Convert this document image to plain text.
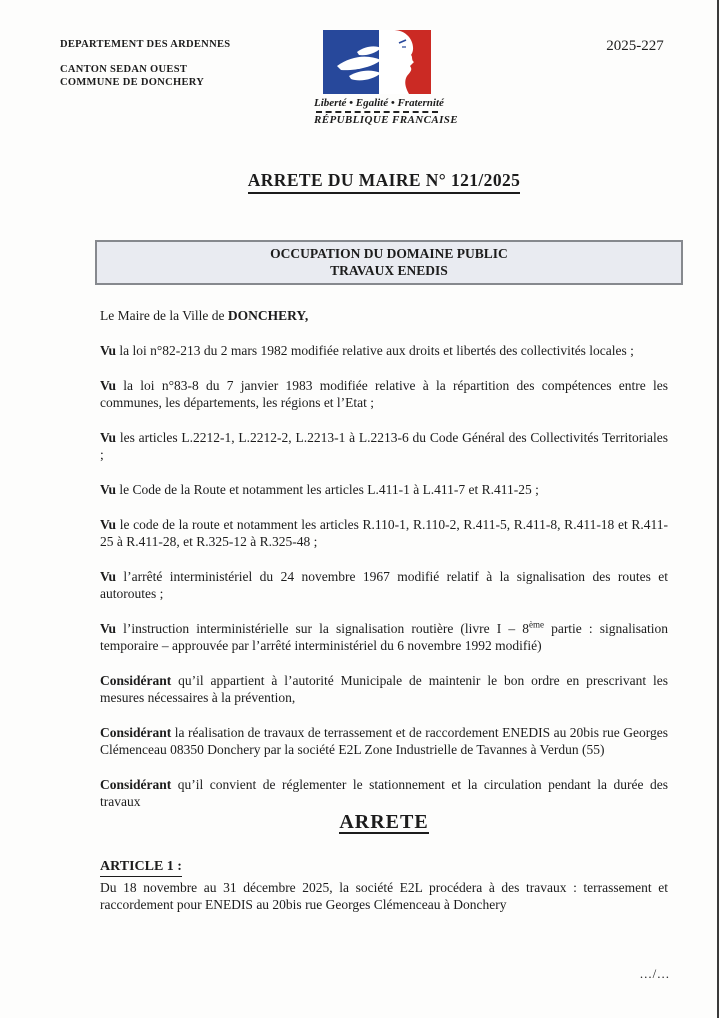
DEPARTEMENT DES ARDENNES
CANTON SEDAN OUEST
COMMUNE DE DONCHERY
Liberté • Egalité • Fraternité
RÉPUBLIQUE FRANCAISE
2025-227
ARRETE DU MAIRE N° 121/2025
OCCUPATION DU DOMAINE PUBLIC
TRAVAUX ENEDIS

Le Maire de la Ville de DONCHERY,

Vu la loi n°82-213 du 2 mars 1982 modifiée relative aux droits et libertés des collectivités locales ;

Vu la loi n°83-8 du 7 janvier 1983 modifiée relative à la répartition des compétences entre les communes, les départements, les régions et l’Etat ;

Vu les articles L.2212-1, L.2212-2, L.2213-1 à L.2213-6 du Code Général des Collectivités Territoriales ;

Vu le Code de la Route et notamment les articles L.411-1 à L.411-7 et R.411-25 ;

Vu le code de la route et notamment les articles R.110-1, R.110-2, R.411-5, R.411-8, R.411-18 et R.411-25 à R.411-28, et R.325-12 à R.325-48 ;

Vu l’arrêté interministériel du 24 novembre 1967 modifié relatif à la signalisation des routes et autoroutes ;

Vu l’instruction interministérielle sur la signalisation routière (livre I – 8ème partie : signalisation temporaire – approuvée par l’arrêté interministériel du 6 novembre 1992 modifié)

Considérant qu’il appartient à l’autorité Municipale de maintenir le bon ordre en prescrivant les mesures nécessaires à la prévention,

Considérant la réalisation de travaux de terrassement et de raccordement ENEDIS au 20bis rue Georges Clémenceau 08350 Donchery par la société E2L Zone Industrielle de Tavannes à Verdun (55)

Considérant qu’il convient de réglementer le stationnement et la circulation pendant la durée des travaux

ARRETE
ARTICLE 1 :

Du 18 novembre au 31 décembre 2025, la société E2L procédera à des travaux : terrassement et raccordement pour ENEDIS au 20bis rue Georges Clémenceau à Donchery

.../...
